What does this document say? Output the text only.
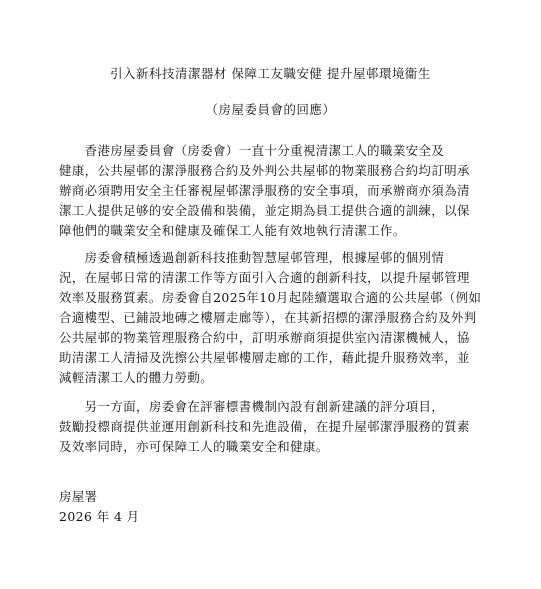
引入新科技清潔器材 保障工友職安健 提升屋邨環境衞生
（房屋委員會的回應）
　　香港房屋委員會（房委會）一直十分重視清潔工人的職業安全及
健康，公共屋邨的潔淨服務合約及外判公共屋邨的物業服務合約均訂明承
辦商必須聘用安全主任審視屋邨潔淨服務的安全事項，而承辦商亦須為清
潔工人提供足够的安全設備和裝備，並定期為員工提供合適的訓練，以保
障他們的職業安全和健康及確保工人能有效地執行清潔工作。
　　房委會積極透過創新科技推動智慧屋邨管理，根據屋邨的個別情
況，在屋邨日常的清潔工作等方面引入合適的創新科技，以提升屋邨管理
效率及服務質素。房委會自2025年10月起陸續選取合適的公共屋邨（例如
合適樓型、已鋪設地磚之樓層走廊等），在其新招標的潔淨服務合約及外判
公共屋邨的物業管理服務合約中，訂明承辦商須提供室內清潔機械人，協
助清潔工人清掃及洗擦公共屋邨樓層走廊的工作，藉此提升服務效率，並
減輕清潔工人的體力勞動。
　　另一方面，房委會在評審標書機制內設有創新建議的評分項目，
鼓勵投標商提供並運用創新科技和先進設備，在提升屋邨潔淨服務的質素
及效率同時，亦可保障工人的職業安全和健康。
房屋署
2026 年 4 月
